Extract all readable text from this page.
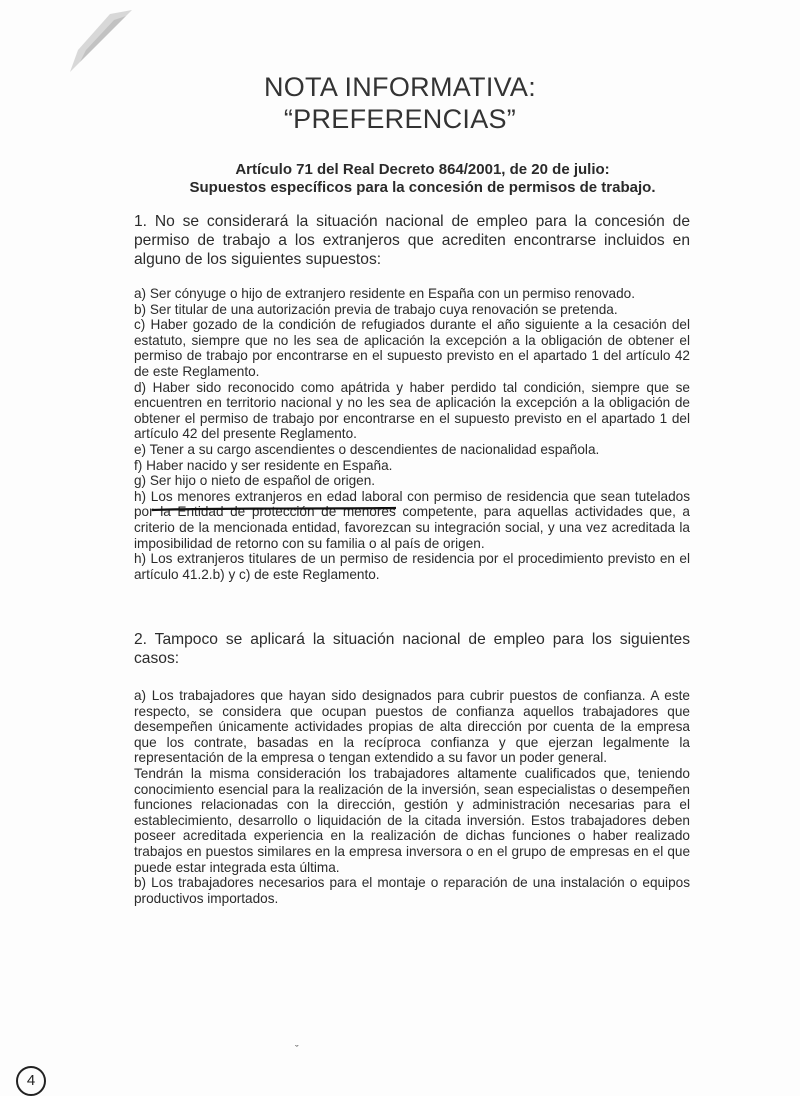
NOTA INFORMATIVA:
“PREFERENCIAS”
Artículo 71 del Real Decreto 864/2001, de 20 de julio:
Supuestos específicos para la concesión de permisos de trabajo.
1. No se considerará la situación nacional de empleo para la concesión de permiso de trabajo a los extranjeros que acrediten encontrarse incluidos en alguno de los siguientes supuestos:

a) Ser cónyuge o hijo de extranjero residente en España con un permiso renovado.

b) Ser titular de una autorización previa de trabajo cuya renovación se pretenda.

c) Haber gozado de la condición de refugiados durante el año siguiente a la cesación del estatuto, siempre que no les sea de aplicación la excepción a la obligación de obtener el permiso de trabajo por encontrarse en el supuesto previsto en el apartado 1 del artículo 42 de este Reglamento.

d) Haber sido reconocido como apátrida y haber perdido tal condición, siempre que se encuentren en territorio nacional y no les sea de aplicación la excepción a la obligación de obtener el permiso de trabajo por encontrarse en el supuesto previsto en el apartado 1 del artículo 42 del presente Reglamento.

e) Tener a su cargo ascendientes o descendientes de nacionalidad española.

f) Haber nacido y ser residente en España.

g) Ser hijo o nieto de español de origen.

h) Los menores extranjeros en edad laboral con permiso de residencia que sean tutelados por la Entidad de protección de menores competente, para aquellas actividades que, a criterio de la mencionada entidad, favorezcan su integración social, y una vez acreditada la imposibilidad de retorno con su familia o al país de origen.

h) Los extranjeros titulares de un permiso de residencia por el procedimiento previsto en el artículo 41.2.b) y c) de este Reglamento.

2. Tampoco se aplicará la situación nacional de empleo para los siguientes casos:

a) Los trabajadores que hayan sido designados para cubrir puestos de confianza. A este respecto, se considera que ocupan puestos de confianza aquellos trabajadores que desempeñen únicamente actividades propias de alta dirección por cuenta de la empresa que los contrate, basadas en la recíproca confianza y que ejerzan legalmente la representación de la empresa o tengan extendido a su favor un poder general.

Tendrán la misma consideración los trabajadores altamente cualificados que, teniendo conocimiento esencial para la realización de la inversión, sean especialistas o desempeñen funciones relacionadas con la dirección, gestión y administración necesarias para el establecimiento, desarrollo o liquidación de la citada inversión. Estos trabajadores deben poseer acreditada experiencia en la realización de dichas funciones o haber realizado trabajos en puestos similares en la empresa inversora o en el grupo de empresas en el que puede estar integrada esta última.

b) Los trabajadores necesarios para el montaje o reparación de una instalación o equipos productivos importados.

ˇ
4
